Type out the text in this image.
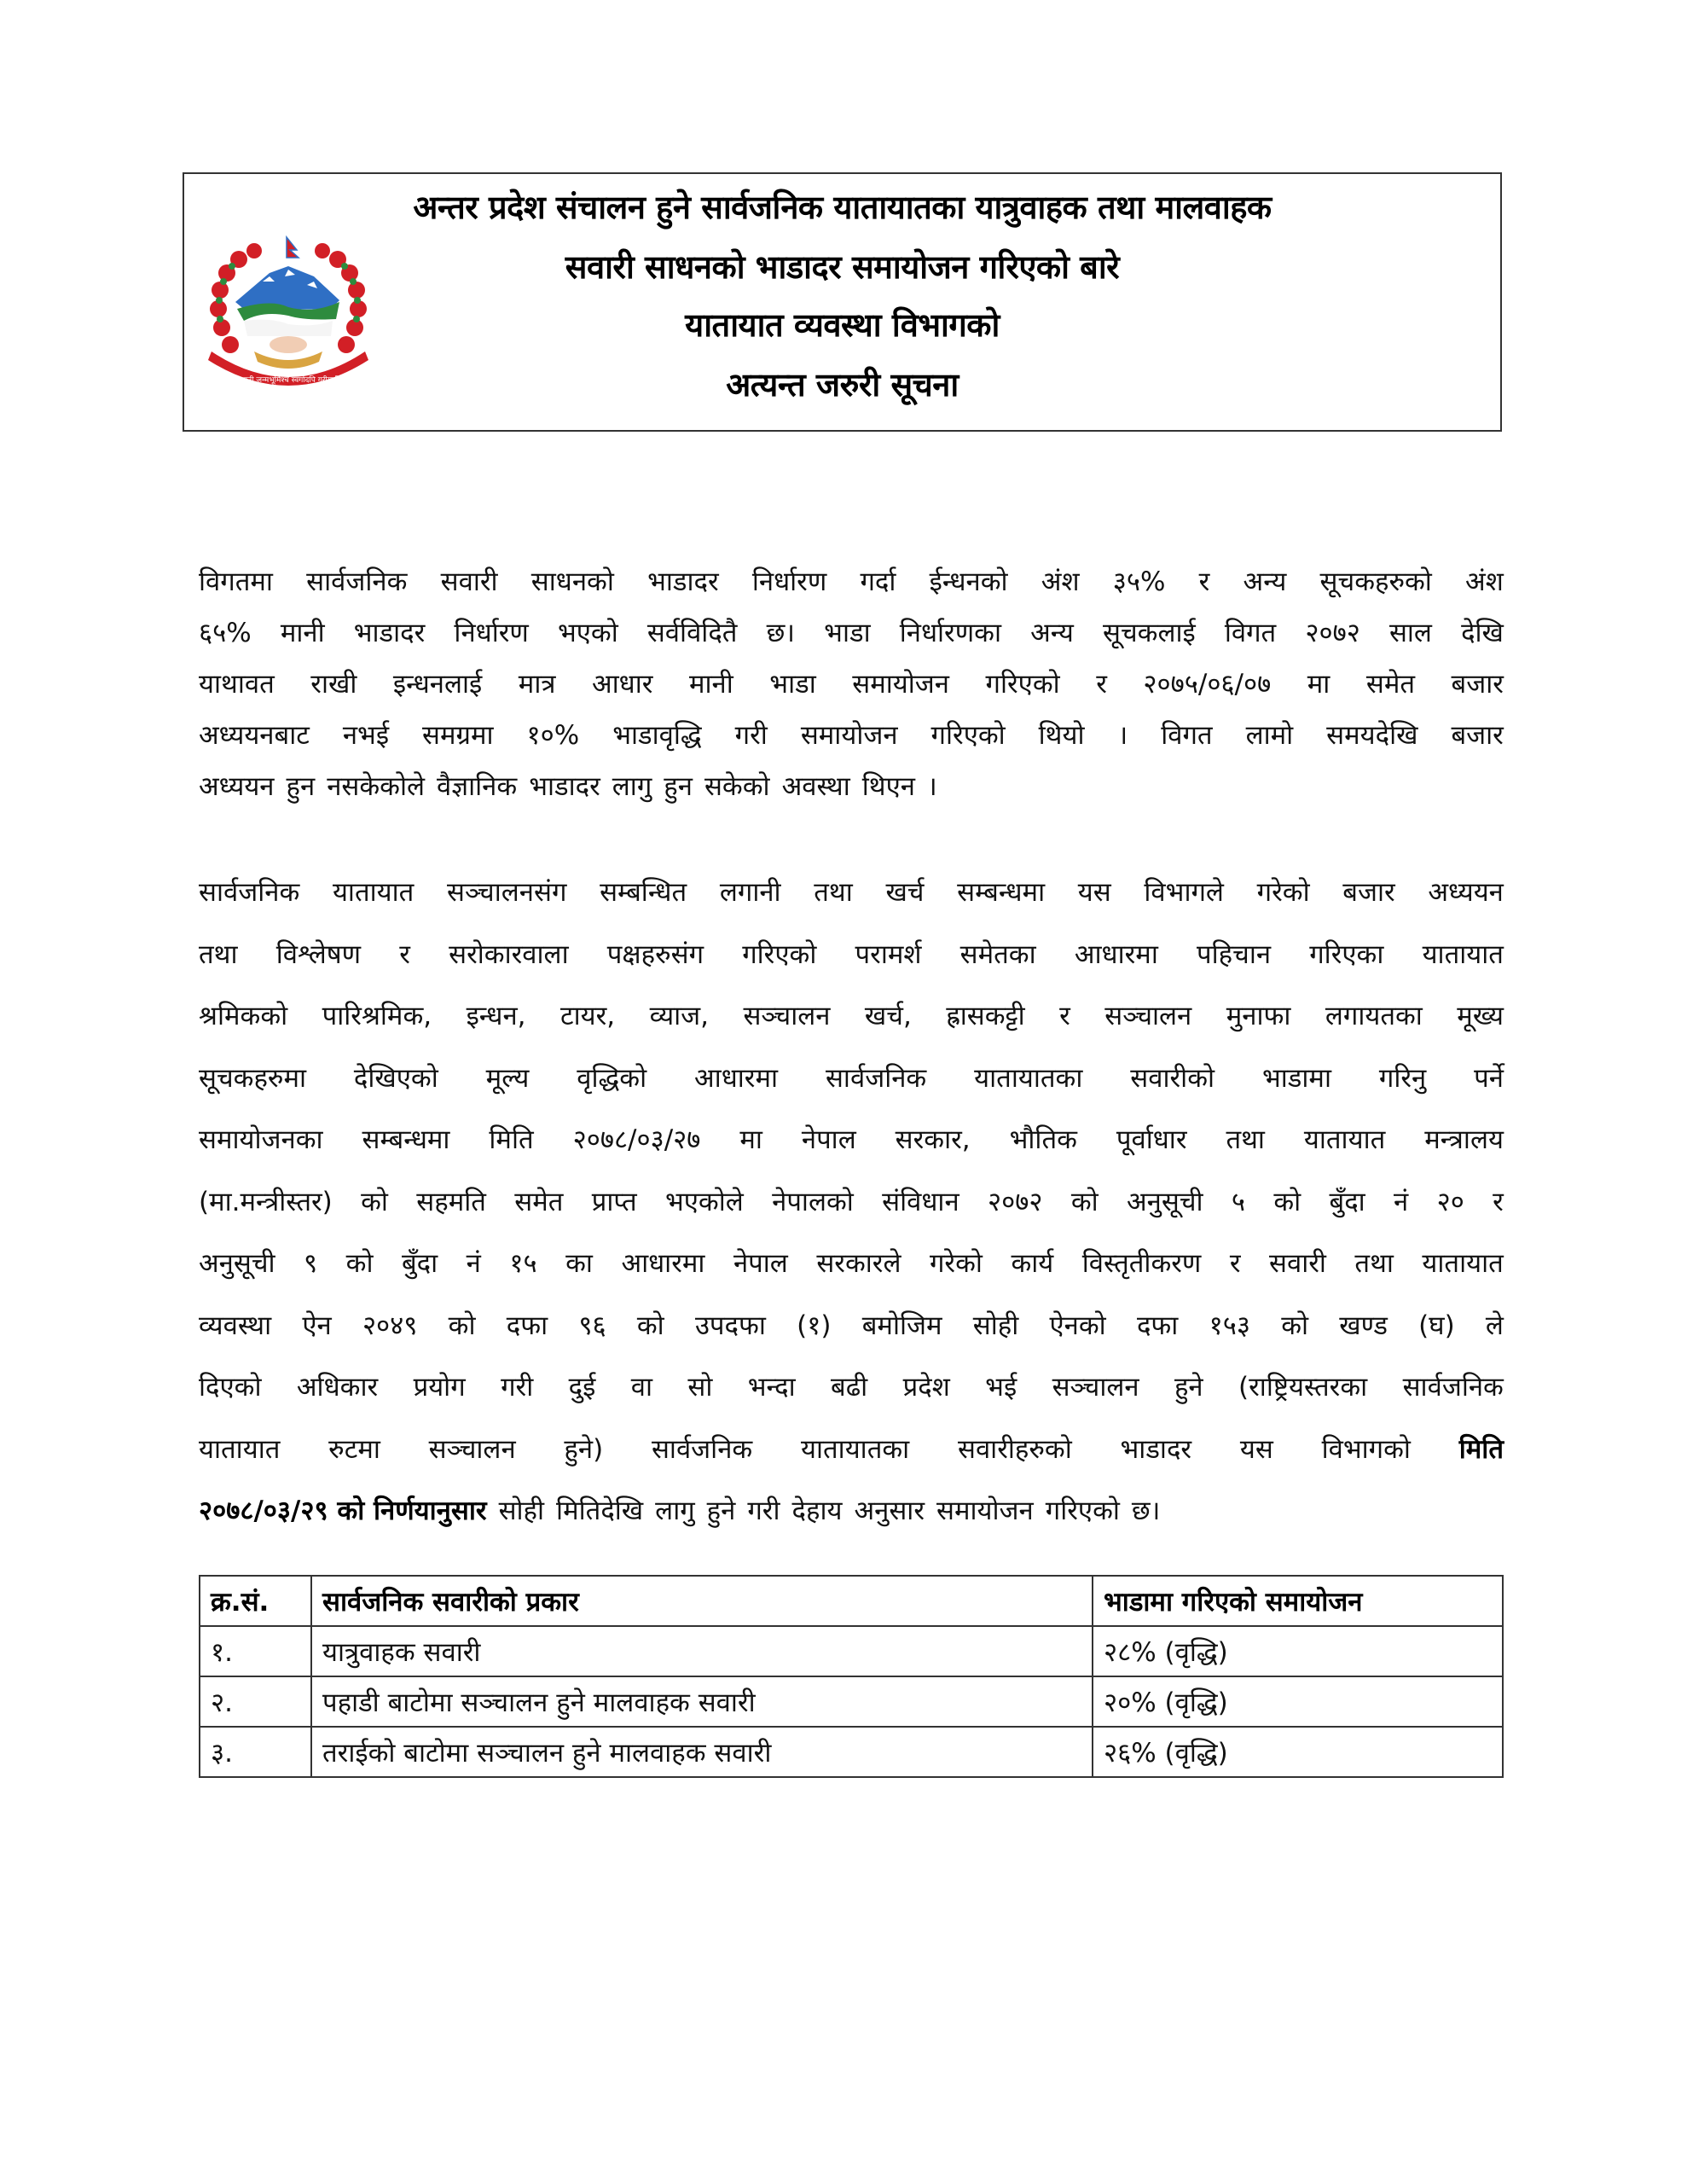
जननी जन्मभूमिश्च स्वर्गादपि गरीयसी
अन्तर प्रदेश संचालन हुने सार्वजनिक यातायातका यात्रुवाहक तथा मालवाहक
सवारी साधनको भाडादर समायोजन गरिएको बारे
यातायात व्यवस्था विभागको
अत्यन्त जरुरी सूचना
विगतमा सार्वजनिक सवारी साधनको भाडादर निर्धारण गर्दा ईन्धनको अंश ३५% र अन्य सूचकहरुको अंश
६५% मानी भाडादर निर्धारण भएको सर्वविदितै छ। भाडा निर्धारणका अन्य सूचकलाई विगत २०७२ साल देखि
याथावत राखी इन्धनलाई मात्र आधार मानी भाडा समायोजन गरिएको र २०७५/०६/०७ मा समेत बजार
अध्ययनबाट नभई समग्रमा १०% भाडावृद्धि गरी समायोजन गरिएको थियो । विगत लामो समयदेखि बजार
अध्ययन हुन नसकेकोले वैज्ञानिक भाडादर लागु हुन सकेको अवस्था थिएन ।
सार्वजनिक यातायात सञ्चालनसंग सम्बन्धित लगानी तथा खर्च सम्बन्धमा यस विभागले गरेको बजार अध्ययन
तथा विश्लेषण र सरोकारवाला पक्षहरुसंग गरिएको परामर्श समेतका आधारमा पहिचान गरिएका यातायात
श्रमिकको पारिश्रमिक, इन्धन, टायर, व्याज, सञ्चालन खर्च, ह्रासकट्टी र सञ्चालन मुनाफा लगायतका मूख्य
सूचकहरुमा देखिएको मूल्य वृद्धिको आधारमा सार्वजनिक यातायातका सवारीको भाडामा गरिनु पर्ने
समायोजनका सम्बन्धमा मिति २०७८/०३/२७ मा नेपाल सरकार, भौतिक पूर्वाधार तथा यातायात मन्त्रालय
(मा.मन्त्रीस्तर) को सहमति समेत प्राप्त भएकोले नेपालको संविधान २०७२ को अनुसूची ५ को बुँदा नं २० र
अनुसूची ९ को बुँदा नं १५ का आधारमा नेपाल सरकारले गरेको कार्य विस्तृतीकरण र सवारी तथा यातायात
व्यवस्था ऐन २०४९ को दफा ९६ को उपदफा (१) बमोजिम सोही ऐनको दफा १५३ को खण्ड (घ) ले
दिएको अधिकार प्रयोग गरी दुई वा सो भन्दा बढी प्रदेश भई सञ्चालन हुने (राष्ट्रियस्तरका सार्वजनिक
यातायात रुटमा सञ्चालन हुने) सार्वजनिक यातायातका सवारीहरुको भाडादर यस विभागको मिति
२०७८/०३/२९ को निर्णयानुसार सोही मितिदेखि लागु हुने गरी देहाय अनुसार समायोजन गरिएको छ।
क्र.सं.	सार्वजनिक सवारीको प्रकार	भाडामा गरिएको समायोजन
१.	यात्रुवाहक सवारी	२८% (वृद्धि)
२.	पहाडी बाटोमा सञ्चालन हुने मालवाहक सवारी	२०% (वृद्धि)
३.	तराईको बाटोमा सञ्चालन हुने मालवाहक सवारी	२६% (वृद्धि)
